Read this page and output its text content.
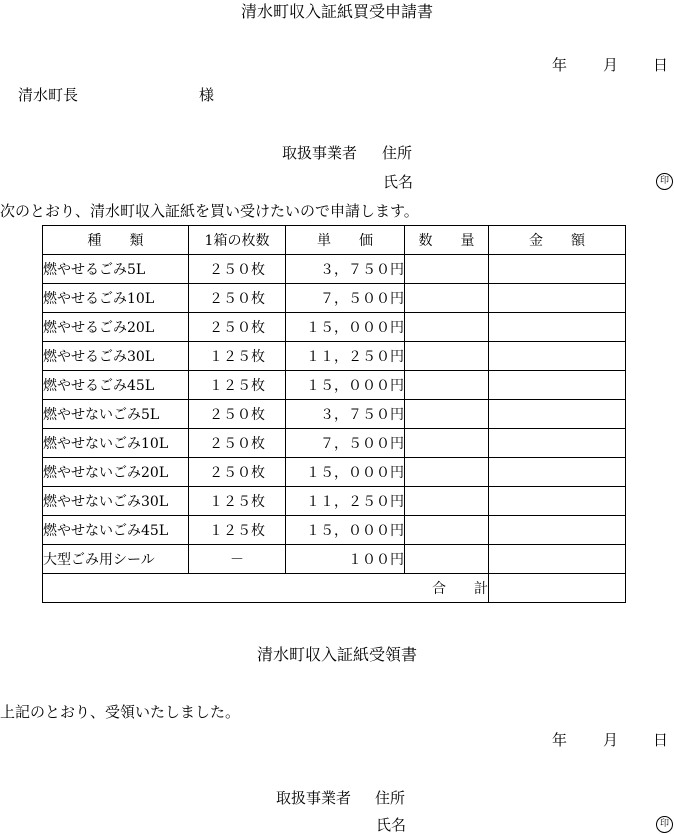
清水町収入証紙買受申請書
年 月 日
清水町長	様
取扱事業者 住所
氏名	印
次のとおり、清水町収入証紙を買い受けたいので申請します。
種　　類	1箱の枚数	単　　価	数　　量	金　　額
燃やせるごみ5L	２５０枚	３，７５０円		
燃やせるごみ10L	２５０枚	７，５００円		
燃やせるごみ20L	２５０枚	１５，０００円		
燃やせるごみ30L	１２５枚	１１，２５０円		
燃やせるごみ45L	１２５枚	１５，０００円		
燃やせないごみ5L	２５０枚	３，７５０円		
燃やせないごみ10L	２５０枚	７，５００円		
燃やせないごみ20L	２５０枚	１５，０００円		
燃やせないごみ30L	１２５枚	１１，２５０円		
燃やせないごみ45L	１２５枚	１５，０００円		
大型ごみ用シール	－	１００円		
合　　計				
清水町収入証紙受領書
上記のとおり、受領いたしました。
年 月 日
取扱事業者 住所
氏名	印
